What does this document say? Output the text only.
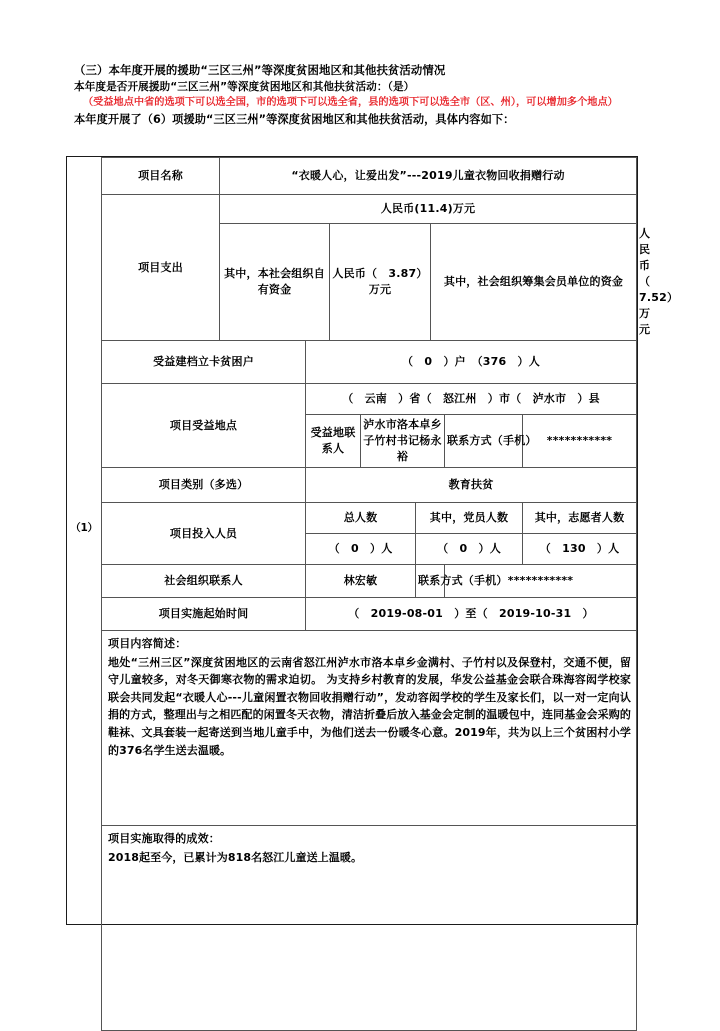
（三）本年度开展的援助“三区三州”等深度贫困地区和其他扶贫活动情况
本年度是否开展援助“三区三州”等深度贫困地区和其他扶贫活动：（是）
（受益地点中省的选项下可以选全国，市的选项下可以选全省，县的选项下可以选全市（区、州），可以增加多个地点）
本年度开展了（6）项援助“三区三州”等深度贫困地区和其他扶贫活动，具体内容如下：
（1）
项目名称	“衣暖人心，让爱出发”---2019儿童衣物回收捐赠行动								
项目支出	人民币(11.4)万元								
	其中，本社会组织自有资金		人民币（　3.87）万元			其中，社会组织筹集会员单位的资金			人民币（　7.52）万元
受益建档立卡贫困户		（　0　）户　（376　）人							
项目受益地点		（　云南　）省（　怒江州　）市（　泸水市　）县							
		受益地联系人		泸水市洛本卓乡子竹村书记杨永裕			联系方式（手机）	***********	
项目类别（多选）		教育扶贫							
项目投入人员		总人数			其中，党员人数			其中，志愿者人数	
		（　0　）人			（　0　）人			（　130　）人	
社会组织联系人		林宏敏			联系方式（手机）		***********		
项目实施起始时间		（　2019-08-01　）至（　2019-10-31　）							

项目内容简述：
地处“三州三区”深度贫困地区的云南省怒江州泸水市洛本卓乡金满村、子竹村以及保登村，交通不便，留守儿童较多，对冬天御寒衣物的需求迫切。 为支持乡村教育的发展，华发公益基金会联合珠海容闳学校家联会共同发起“衣暖人心---儿童闲置衣物回收捐赠行动”，发动容闳学校的学生及家长们，以一对一定向认捐的方式，整理出与之相匹配的闲置冬天衣物，清洁折叠后放入基金会定制的温暖包中，连同基金会采购的鞋袜、文具套装一起寄送到当地儿童手中，为他们送去一份暖冬心意。2019年，共为以上三个贫困村小学的376名学生送去温暖。									

项目实施取得的成效：
2018起至今，已累计为818名怒江儿童送上温暖。									
